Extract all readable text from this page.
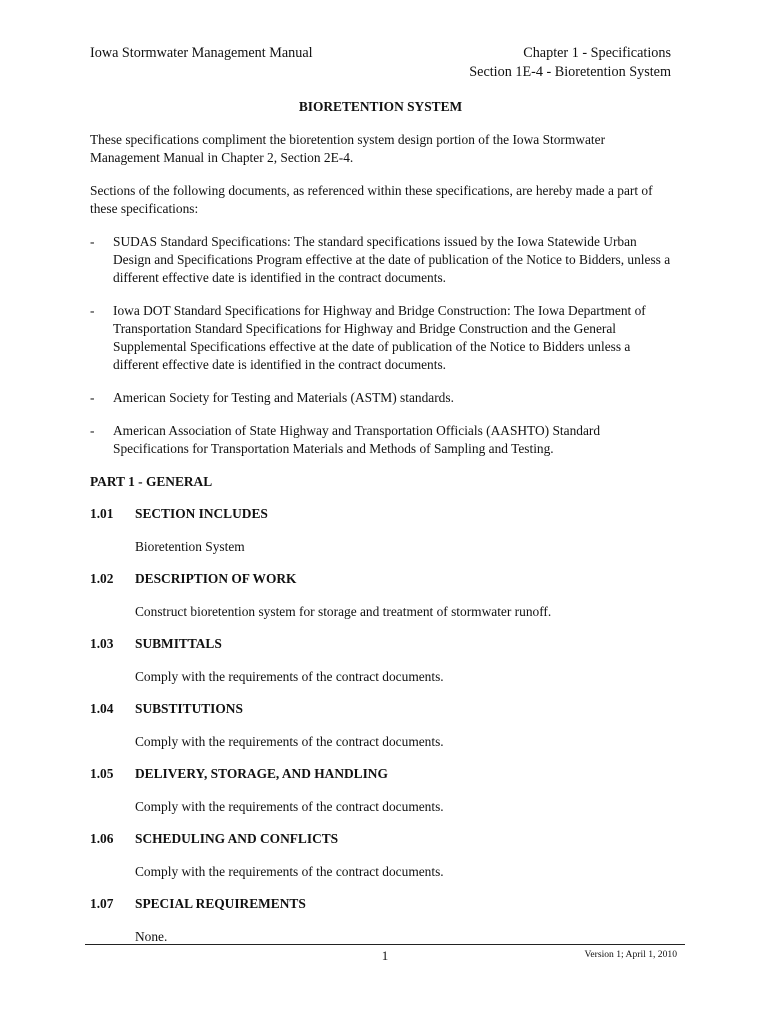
Iowa Stormwater Management Manual	Chapter 1 - Specifications
Section 1E-4 - Bioretention System
BIORETENTION SYSTEM

These specifications compliment the bioretention system design portion of the Iowa Stormwater Management Manual in Chapter 2, Section 2E-4.

Sections of the following documents, as referenced within these specifications, are hereby made a part of these specifications:

-	SUDAS Standard Specifications: The standard specifications issued by the Iowa Statewide Urban Design and Specifications Program effective at the date of publication of the Notice to Bidders, unless a different effective date is identified in the contract documents.
-	Iowa DOT Standard Specifications for Highway and Bridge Construction: The Iowa Department of Transportation Standard Specifications for Highway and Bridge Construction and the General Supplemental Specifications effective at the date of publication of the Notice to Bidders unless a different effective date is identified in the contract documents.
-	American Society for Testing and Materials (ASTM) standards.
-	American Association of State Highway and Transportation Officials (AASHTO) Standard Specifications for Transportation Materials and Methods of Sampling and Testing.
PART 1 - GENERAL
1.01	SECTION INCLUDES
Bioretention System
1.02	DESCRIPTION OF WORK
Construct bioretention system for storage and treatment of stormwater runoff.
1.03	SUBMITTALS
Comply with the requirements of the contract documents.
1.04	SUBSTITUTIONS
Comply with the requirements of the contract documents.
1.05	DELIVERY, STORAGE, AND HANDLING
Comply with the requirements of the contract documents.
1.06	SCHEDULING AND CONFLICTS
Comply with the requirements of the contract documents.
1.07	SPECIAL REQUIREMENTS
None.
1	Version 1; April 1, 2010
